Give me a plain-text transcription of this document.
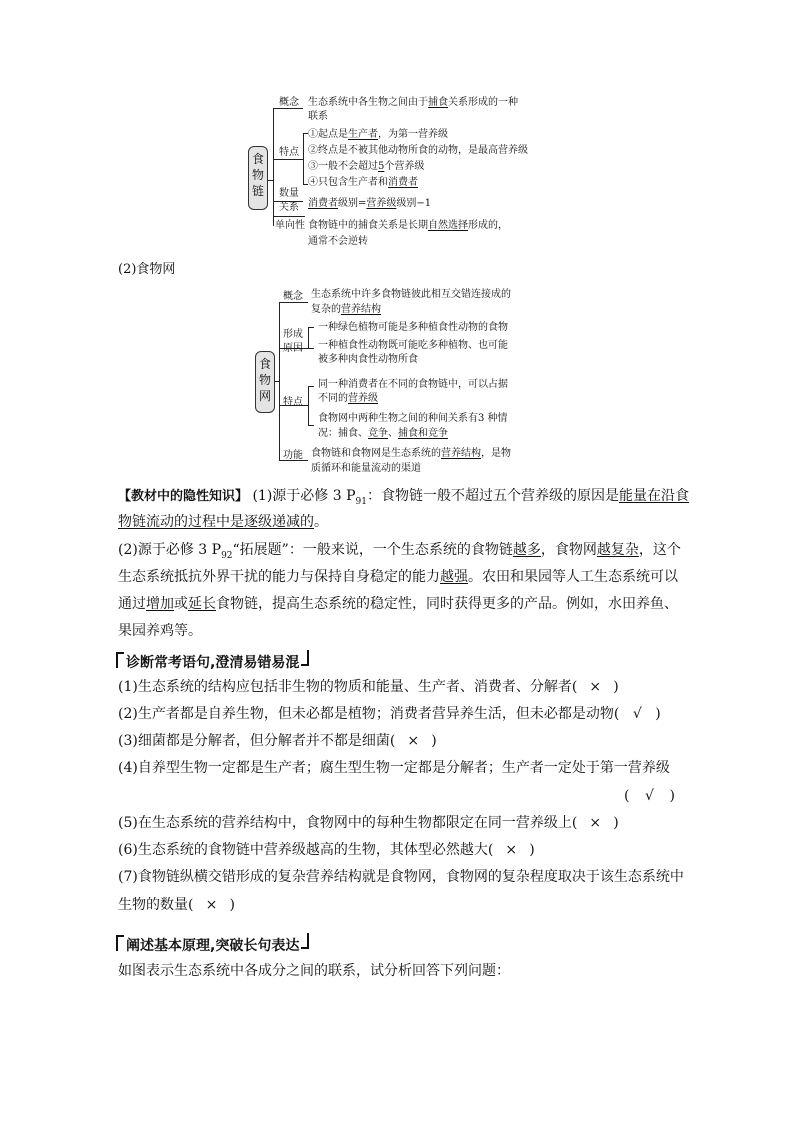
食
物
链
概念 生态系统中各生物之间由于捕食关系形成的一种
联系
特点
①起点是生产者，为第一营养级
②终点是不被其他动物所食的动物，是最高营养级
③一般不会超过5个营养级
④只包含生产者和消费者
数量
关系 消费者级别=营养级级别−1
单向性 食物链中的捕食关系是长期自然选择形成的，
通常不会逆转
(2)食物网
食
物
网
概念 生态系统中许多食物链彼此相互交错连接成的
复杂的营养结构
形成
原因
一种绿色植物可能是多种植食性动物的食物
一种植食性动物既可能吃多种植物、也可能
被多种肉食性动物所食
特点
同一种消费者在不同的食物链中，可以占据
不同的营养级
食物网中两种生物之间的种间关系有3 种情
况：捕食、竞争、捕食和竞争
功能 食物链和食物网是生态系统的营养结构，是物
质循环和能量流动的渠道
【教材中的隐性知识】 (1)源于必修 3 $P_{91}$：食物链一般不超过五个营养级的原因是能量在沿食
物链流动的过程中是逐级递减的。
(2)源于必修 3 $P_{92}“$拓展题”：一般来说，一个生态系统的食物链越多，食物网越复杂，这个
生态系统抵抗外界干扰的能力与保持自身稳定的能力越强。农田和果园等人工生态系统可以
通过增加或延长食物链，提高生态系统的稳定性，同时获得更多的产品。例如，水田养鱼、
果园养鸡等。
诊断常考语句,澄清易错易混
(1)生态系统的结构应包括非生物的物质和能量、生产者、消费者、分解者( × )
(2)生产者都是自养生物，但未必都是植物；消费者营异养生活，但未必都是动物( √ )
(3)细菌都是分解者，但分解者并不都是细菌( × )
(4)自养型生物一定都是生产者；腐生型生物一定都是分解者；生产者一定处于第一营养级
( √ )
(5)在生态系统的营养结构中，食物网中的每种生物都限定在同一营养级上( × )
(6)生态系统的食物链中营养级越高的生物，其体型必然越大( × )
(7)食物链纵横交错形成的复杂营养结构就是食物网，食物网的复杂程度取决于该生态系统中
生物的数量( × )
阐述基本原理,突破长句表达
如图表示生态系统中各成分之间的联系，试分析回答下列问题：
